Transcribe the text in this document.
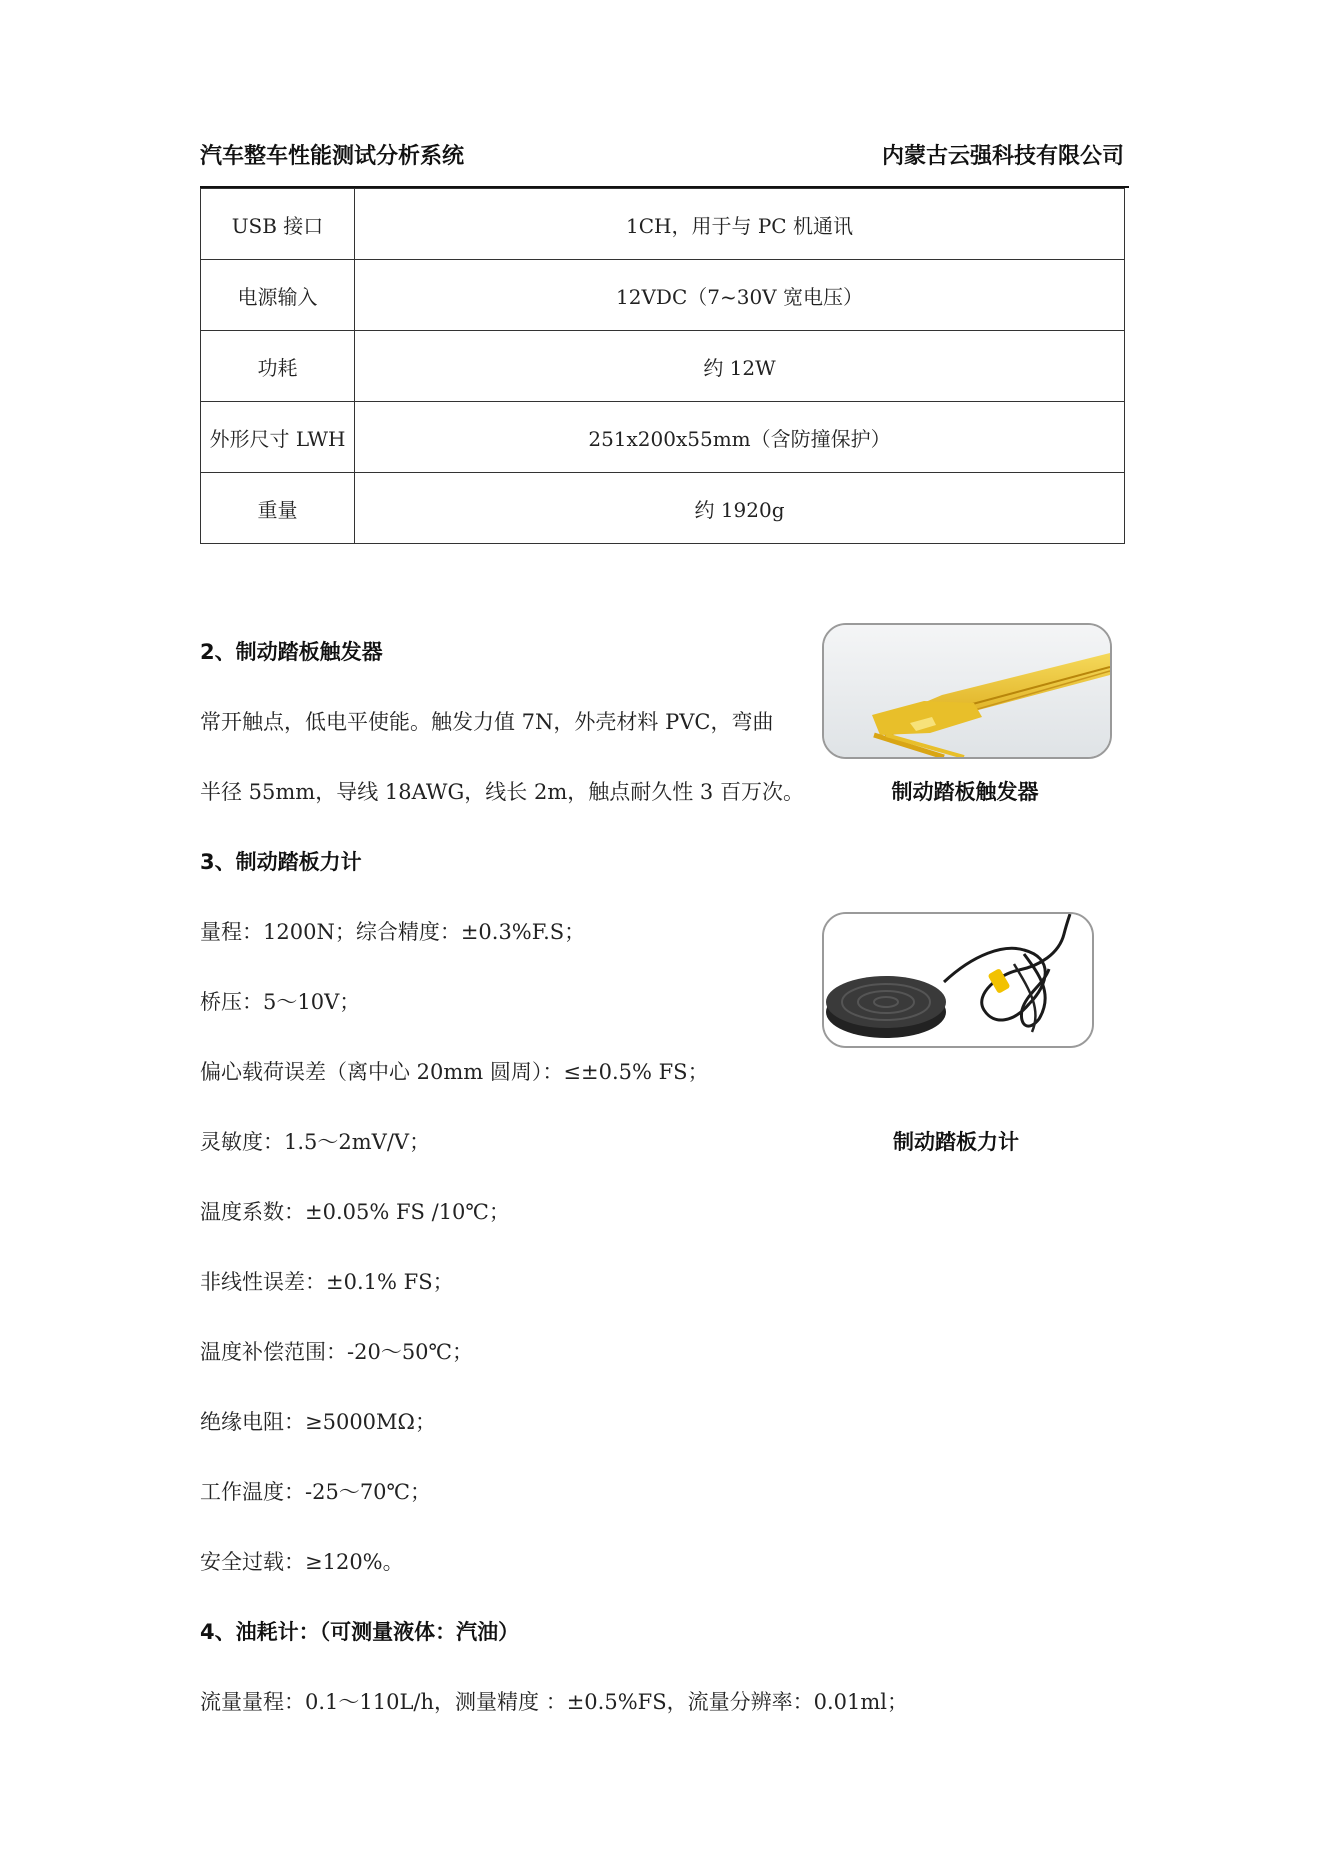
汽车整车性能测试分析系统	内蒙古云强科技有限公司
USB 接口	1CH，用于与 PC 机通讯
电源输入	12VDC（7~30V 宽电压）
功耗	约 12W
外形尺寸 LWH	251x200x55mm（含防撞保护）
重量	约 1920g
2、制动踏板触发器
常开触点，低电平使能。触发力值 7N，外壳材料 PVC，弯曲
半径 55mm，导线 18AWG，线长 2m，触点耐久性 3 百万次。	制动踏板触发器
3、制动踏板力计
量程：1200N；综合精度：±0.3%F.S；
桥压：5～10V；
偏心载荷误差（离中心 20mm 圆周）：≤±0.5% FS；
灵敏度：1.5～2mV/V；
温度系数：±0.05% FS /10℃；
非线性误差：±0.1% FS；
温度补偿范围：-20～50℃；
绝缘电阻：≥5000MΩ；
工作温度：-25～70℃；
安全过载：≥120%。
制动踏板力计
4、油耗计：（可测量液体：汽油）
流量量程：0.1～110L/h，测量精度 ：±0.5%FS，流量分辨率：0.01ml；
